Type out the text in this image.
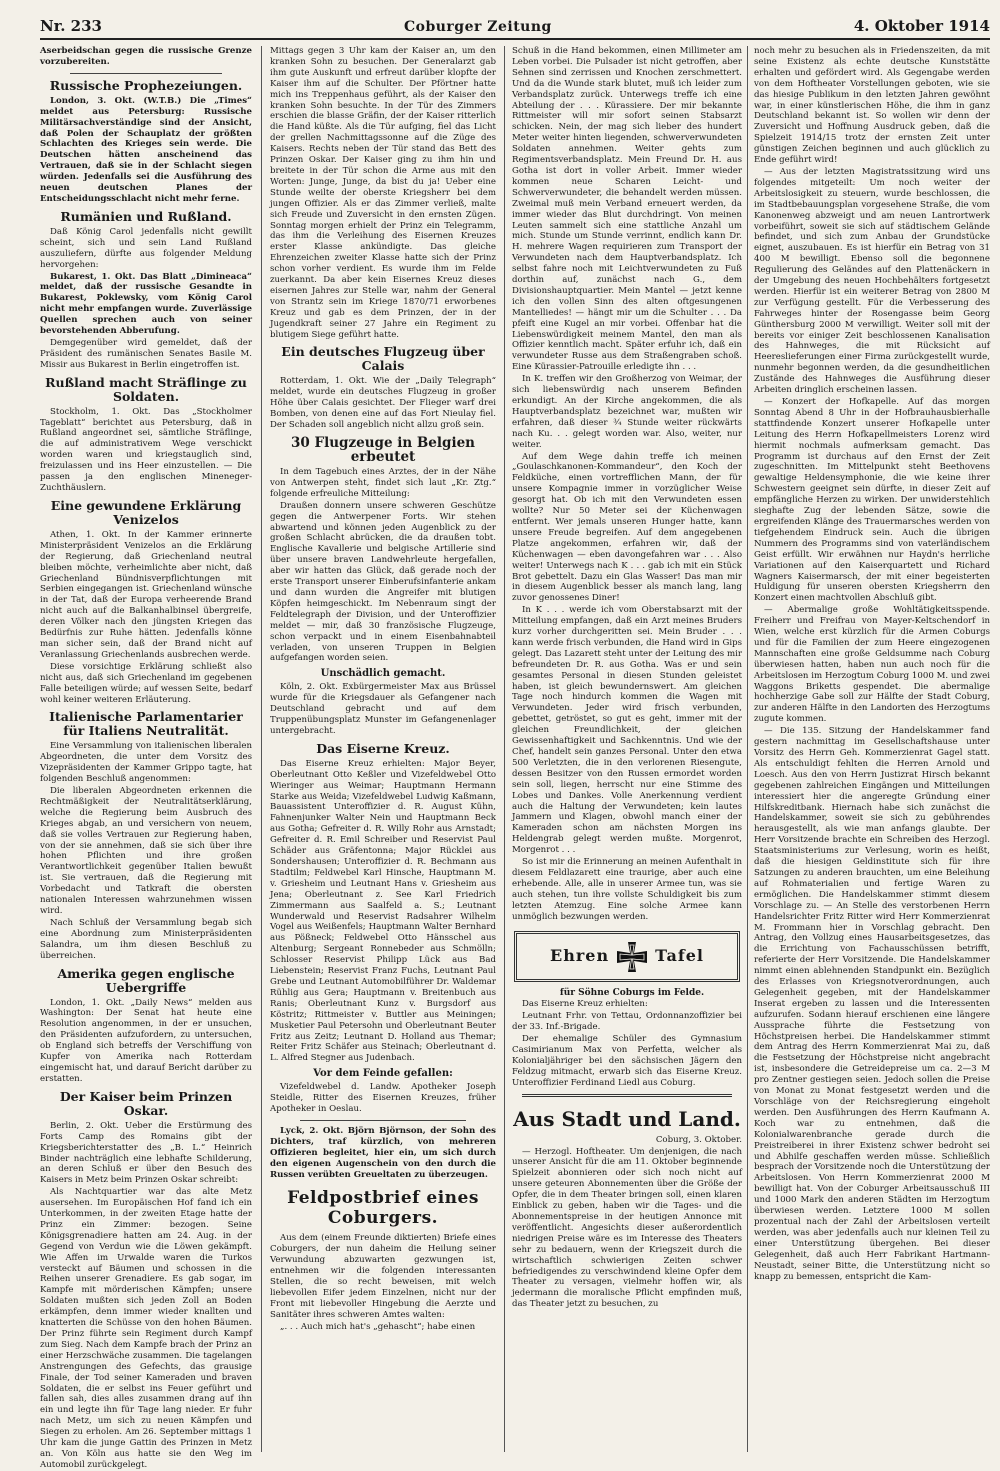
Nr. 233	Coburger Zeitung	4. Oktober 1914

Aserbeidschan gegen die russische Grenze vorzubereiten.

Russische Prophezeiungen.

London, 3. Okt. (W.T.B.) Die „Times“ meldet aus Petersburg: Russische Militärsachverständige sind der Ansicht, daß Polen der Schauplatz der größten Schlachten des Krieges sein werde. Die Deutschen hätten anscheinend das Vertrauen, daß sie in der Schlacht siegen würden. Jedenfalls sei die Ausführung des neuen deutschen Planes der Entscheidungsschlacht nicht mehr ferne.

Rumänien und Rußland.

Daß König Carol jedenfalls nicht gewillt scheint, sich und sein Land Rußland auszuliefern, dürfte aus folgender Meldung hervorgehen:

Bukarest, 1. Okt. Das Blatt „Dimineaca“ meldet, daß der russische Gesandte in Bukarest, Poklewsky, vom König Carol nicht mehr empfangen wurde. Zuverlässige Quellen sprechen auch von seiner bevorstehenden Abberufung.

Demgegenüber wird gemeldet, daß der Präsident des rumänischen Senates Basile M. Missir aus Bukarest in Berlin eingetroffen ist.

Rußland macht Sträflinge zu Soldaten.

Stockholm, 1. Okt. Das „Stockholmer Tageblatt“ berichtet aus Petersburg, daß in Rußland angeordnet sei, sämtliche Sträflinge, die auf administrativem Wege verschickt worden waren und kriegstauglich sind, freizulassen und ins Heer einzustellen. — Die passen ja den englischen Mineneger-Zuchthäuslern.

Eine gewundene Erklärung Venizelos

Athen, 1. Okt. In der Kammer erinnerte Ministerpräsident Venizelos an die Erklärung der Regierung, daß Griechenland neutral bleiben möchte, verheimlichte aber nicht, daß Griechenland Bündnisverpflichtungen mit Serbien eingegangen ist. Griechenland wünsche in der Tat, daß der Europa verheerende Brand nicht auch auf die Balkanhalbinsel übergreife, deren Völker nach den jüngsten Kriegen das Bedürfnis zur Ruhe hätten. Jedenfalls könne man sicher sein, daß der Brand nicht auf Veranlassung Griechenlands ausbrechen werde.

Diese vorsichtige Erklärung schließt also nicht aus, daß sich Griechenland im gegebenen Falle beteiligen würde; auf wessen Seite, bedarf wohl keiner weiteren Erläuterung.

Italienische Parlamentarier für Italiens Neutralität.

Eine Versammlung von italienischen liberalen Abgeordneten, die unter dem Vorsitz des Vizepräsidenten der Kammer Grippo tagte, hat folgenden Beschluß angenommen:

Die liberalen Abgeordneten erkennen die Rechtmäßigkeit der Neutralitätserklärung, welche die Regierung beim Ausbruch des Krieges abgab, an und versichern von neuem, daß sie volles Vertrauen zur Regierung haben, von der sie annehmen, daß sie sich über ihre hohen Pflichten und ihre großen Verantwortlichkeit gegenüber Italien bewußt ist. Sie vertrauen, daß die Regierung mit Vorbedacht und Tatkraft die obersten nationalen Interessen wahrzunehmen wissen wird.

Nach Schluß der Versammlung begab sich eine Abordnung zum Ministerpräsidenten Salandra, um ihm diesen Beschluß zu überreichen.

Amerika gegen englische Uebergriffe

London, 1. Okt. „Daily News“ melden aus Washington: Der Senat hat heute eine Resolution angenommen, in der er unsuchen, den Präsidenten aufzufordern, zu untersuchen, ob England sich betreffs der Verschiffung von Kupfer von Amerika nach Rotterdam eingemischt hat, und darauf Bericht darüber zu erstatten.

Der Kaiser beim Prinzen Oskar.

Berlin, 2. Okt. Ueber die Erstürmung des Forts Camp des Romains gibt der Kriegsberichterstatter des „B. L.“ Heinrich Binder nachträglich eine lebhafte Schilderung, an deren Schluß er über den Besuch des Kaisers in Metz beim Prinzen Oskar schreibt:

Als Nachtquartier war das alte Metz ausersehen. Im Europäischen Hof fand ich ein Unterkommen, in der zweiten Etage hatte der Prinz ein Zimmer: bezogen. Seine Königsgrenadiere hatten am 24. Aug. in der Gegend von Verdun wie die Löwen gekämpft. Wie Affen im Urwalde waren die Turkos versteckt auf Bäumen und schossen in die Reihen unserer Grenadiere. Es gab sogar, im Kampfe mit mörderischen Kämpfen; unsere Soldaten mußten sich jeden Zoll an Boden erkämpfen, denn immer wieder knallten und knatterten die Schüsse von den hohen Bäumen. Der Prinz führte sein Regiment durch Kampf zum Sieg. Nach dem Kampfe brach der Prinz an einer Herzschwäche zusammen. Die tagelangen Anstrengungen des Gefechts, das grausige Finale, der Tod seiner Kameraden und braven Soldaten, die er selbst ins Feuer geführt und fallen sah, dies alles zusammen drang auf ihn ein und legte ihn für Tage lang nieder. Er fuhr nach Metz, um sich zu neuen Kämpfen und Siegen zu erholen. Am 26. September mittags 1 Uhr kam die junge Gattin des Prinzen in Metz an. Von Köln aus hatte sie den Weg im Automobil zurückgelegt.

Mittags gegen 3 Uhr kam der Kaiser an, um den kranken Sohn zu besuchen. Der Generalarzt gab ihm gute Auskunft und erfreut darüber klopfte der Kaiser ihm auf die Schulter. Der Pförtner hatte mich ins Treppenhaus geführt, als der Kaiser den kranken Sohn besuchte. In der Tür des Zimmers erschien die blasse Gräfin, der der Kaiser ritterlich die Hand küßte. Als die Tür aufging, fiel das Licht der grellen Nachmittagssonne auf die Züge des Kaisers. Rechts neben der Tür stand das Bett des Prinzen Oskar. Der Kaiser ging zu ihm hin und breitete in der Tür schon die Arme aus mit den Worten: Junge, Junge, da bist du ja! Ueber eine Stunde weilte der oberste Kriegsherr bei dem jungen Offizier. Als er das Zimmer verließ, malte sich Freude und Zuversicht in den ernsten Zügen. Sonntag morgen erhielt der Prinz ein Telegramm, das ihm die Verleihung des Eisernen Kreuzes erster Klasse ankündigte. Das gleiche Ehrenzeichen zweiter Klasse hatte sich der Prinz schon vorher verdient. Es wurde ihm im Felde zuerkannt. Da aber kein Eisernes Kreuz dieses eisernen Jahres zur Stelle war, nahm der General von Strantz sein im Kriege 1870/71 erworbenes Kreuz und gab es dem Prinzen, der in der Jugendkraft seiner 27 Jahre ein Regiment zu blutigem Siege geführt hatte.

Ein deutsches Flugzeug über Calais

Rotterdam, 1. Okt. Wie der „Daily Telegraph“ meldet, wurde ein deutsches Flugzeug in großer Höhe über Calais gesichtet. Der Flieger warf drei Bomben, von denen eine auf das Fort Nieulay fiel. Der Schaden soll angeblich nicht allzu groß sein.

30 Flugzeuge in Belgien erbeutet

In dem Tagebuch eines Arztes, der in der Nähe von Antwerpen steht, findet sich laut „Kr. Ztg.“ folgende erfreuliche Mitteilung:

Draußen donnern unsere schweren Geschütze gegen die Antwerpener Forts. Wir stehen abwartend und können jeden Augenblick zu der großen Schlacht abrücken, die da draußen tobt. Englische Kavallerie und belgische Artillerie sind über unsere braven Landwehrleute hergefallen, aber wir hatten das Glück, daß gerade noch der erste Transport unserer Einberufsinfanterie ankam und dann wurden die Angreifer mit blutigen Köpfen heimgeschickt. Im Nebenraum singt der Feldtelegraph der Division, und der Unteroffizier meldet — mir, daß 30 französische Flugzeuge, schon verpackt und in einem Eisenbahnabteil verladen, von unseren Truppen in Belgien aufgefangen worden seien.

Unschädlich gemacht.

Köln, 2. Okt. Exbürgermeister Max aus Brüssel wurde für die Kriegsdauer als Gefangener nach Deutschland gebracht und auf dem Truppenübungsplatz Munster im Gefangenenlager untergebracht.

Das Eiserne Kreuz.

Das Eiserne Kreuz erhielten: Major Beyer, Oberleutnant Otto Keßler und Vizefeldwebel Otto Wieringer aus Weimar; Hauptmann Hermann Starke aus Weida; Vizefeldwebel Ludwig Kaßmann, Bauassistent Unteroffizier d. R. August Kühn, Fahnenjunker Walter Nein und Hauptmann Beck aus Gotha; Gefreiter d. R. Willy Rohr aus Arnstadt; Gefreiter d. R. Emil Schreiber und Reservist Paul Schäder aus Gräfentonna; Major Rücklei aus Sondershausen; Unteroffizier d. R. Bechmann aus Stadtilm; Feldwebel Karl Hinsche, Hauptmann M. v. Griesheim und Leutnant Hans v. Griesheim aus Jena; Oberleutnant z. See Karl Friedrich Zimmermann aus Saalfeld a. S.; Leutnant Wunderwald und Reservist Radsahrer Wilhelm Vogel aus Weißenfels; Hauptmann Walter Bernhard aus Pößneck; Feldwebel Otto Hänsschel aus Altenburg; Sergeant Ronnebeder aus Schmölln; Schlosser Reservist Philipp Lück aus Bad Liebenstein; Reservist Franz Fuchs, Leutnant Paul Grebe und Leutnant Automobilführer Dr. Waldemar Rühlig aus Gera; Hauptmann v. Breitenbuch aus Ranis; Oberleutnant Kunz v. Burgsdorf aus Köstritz; Rittmeister v. Buttler aus Meiningen; Musketier Paul Petersohn und Oberleutnant Beuter Fritz aus Zeitz; Leutnant D. Holland aus Themar; Reiter Fritz Schäfer aus Steinach; Oberleutnant d. L. Alfred Stegner aus Judenbach.

Vor dem Feinde gefallen:

Vizefeldwebel d. Landw. Apotheker Joseph Steidle, Ritter des Eisernen Kreuzes, früher Apotheker in Oeslau.

Lyck, 2. Okt. Björn Björnson, der Sohn des Dichters, traf kürzlich, von mehreren Offizieren begleitet, hier ein, um sich durch den eigenen Augenschein von den durch die Russen verübten Greueltaten zu überzeugen.

Feldpostbrief eines Coburgers.

Aus dem (einem Freunde diktierten) Briefe eines Coburgers, der nun daheim die Heilung seiner Verwundung abzuwarten gezwungen ist, entnehmen wir die folgenden interessanten Stellen, die so recht beweisen, mit welch liebevollen Eifer jedem Einzelnen, nicht nur der Front mit liebevoller Hingebung die Aerzte und Sanitäter ihres schweren Amtes walten:

„. . . Auch mich hat's „gehascht“; habe einen

Schuß in die Hand bekommen, einen Millimeter am Leben vorbei. Die Pulsader ist nicht getroffen, aber Sehnen sind zerrissen und Knochen zerschmettert. Und da die Wunde stark blutet, muß ich leider zum Verbandsplatz zurück. Unterwegs treffe ich eine Abteilung der . . . Kürassiere. Der mir bekannte Rittmeister will mir sofort seinen Stabsarzt schicken. Nein, der mag sich lieber des hundert Meter weiter hinten liegenden, schwerverwundeten Soldaten annehmen. Weiter gehts zum Regimentsverbandsplatz. Mein Freund Dr. H. aus Gotha ist dort in voller Arbeit. Immer wieder kommen neue Scharen Leicht- und Schwerverwundeter, die behandelt werden müssen. Zweimal muß mein Verband erneuert werden, da immer wieder das Blut durchdringt. Von meinen Leuten sammelt sich eine stattliche Anzahl um mich. Stunde um Stunde verrinnt, endlich kann Dr. H. mehrere Wagen requirieren zum Transport der Verwundeten nach dem Hauptverbandsplatz. Ich selbst fahre noch mit Leichtverwundeten zu Fuß dorthin auf, zunächst nach G., dem Divisionshauptquartier. Mein Mantel — jetzt kenne ich den vollen Sinn des alten oftgesungenen Mantelliedes! — hängt mir um die Schulter . . . Da pfeift eine Kugel an mir vorbei. Offenbar hat die Liebenswürdigkeit meinem Mantel, den man als Offizier kenntlich macht. Später erfuhr ich, daß ein verwundeter Russe aus dem Straßengraben schoß. Eine Kürassier-Patrouille erledigte ihn . . .

In K. treffen wir den Großherzog von Weimar, der sich liebenswürdig nach unserem Befinden erkundigt. An der Kirche angekommen, die als Hauptverbandsplatz bezeichnet war, mußten wir erfahren, daß dieser ¾ Stunde weiter rückwärts nach Ku. . . gelegt worden war. Also, weiter, nur weiter.

Auf dem Wege dahin treffe ich meinen „Goulaschkanonen-Kommandeur“, den Koch der Feldküche, einen vortrefflichen Mann, der für unsere Kompagnie immer in vorzüglicher Weise gesorgt hat. Ob ich mit den Verwundeten essen wollte? Nur 50 Meter sei der Küchenwagen entfernt. Wer jemals unseren Hunger hatte, kann unsere Freude begreifen. Auf dem angegebenen Platze angekommen, erfahren wir, daß der Küchenwagen — eben davongefahren war . . . Also weiter! Unterwegs nach K . . . gab ich mit ein Stück Brot gebettelt. Dazu ein Glas Wasser! Das man mir in diesem Augenblick besser als manch lang, lang zuvor genossenes Diner!

In K . . . werde ich vom Oberstabsarzt mit der Mitteilung empfangen, daß ein Arzt meines Bruders kurz vorher durchgeritten sei. Mein Bruder . . . kann werde frisch verbunden, die Hand wird in Gips gelegt. Das Lazarett steht unter der Leitung des mir befreundeten Dr. R. aus Gotha. Was er und sein gesamtes Personal in diesen Stunden geleistet haben, ist gleich bewundernswert. Am gleichen Tage noch hindurch kommen die Wagen mit Verwundeten. Jeder wird frisch verbunden, gebettet, getröstet, so gut es geht, immer mit der gleichen Freundlichkeit, der gleichen Gewissenhaftigkeit und Sachkenntnis. Und wie der Chef, handelt sein ganzes Personal. Unter den etwa 500 Verletzten, die in den verlorenen Riesengute, dessen Besitzer von den Russen ermordet worden sein soll, liegen, herrscht nur eine Stimme des Lobes und Dankes. Volle Anerkennung verdient auch die Haltung der Verwundeten; kein lautes Jammern und Klagen, obwohl manch einer der Kameraden schon am nächsten Morgen ins Heldengrab gelegt werden mußte. Morgenrot, Morgenrot . . .

So ist mir die Erinnerung an meinen Aufenthalt in diesem Feldlazarett eine traurige, aber auch eine erhebende. Alle, alle in unserer Armee tun, was sie auch stehen, tun ihre vollste Schuldigkeit bis zum letzten Atemzug. Eine solche Armee kann unmöglich bezwungen werden.

Ehren	Tafel

für Söhne Coburgs im Felde.

Das Eiserne Kreuz erhielten:

Leutnant Frhr. von Tettau, Ordonnanzoffizier bei der 33. Inf.-Brigade.

Der ehemalige Schüler des Gymnasium Casimirianum Max von Perfetta, welcher als Kolonialjähriger bei den sächsischen Jägern den Feldzug mitmacht, erwarb sich das Eiserne Kreuz. Unteroffizier Ferdinand Liedl aus Coburg.

Aus Stadt und Land.

Coburg, 3. Oktober.

— Herzogl. Hoftheater. Um denjenigen, die nach unserer Ansicht für die am 11. Oktober beginnende Spielzeit abonnieren oder sich noch nicht auf unsere geteuren Abonnementen über die Größe der Opfer, die in dem Theater bringen soll, einen klaren Einblick zu geben, haben wir die Tages- und die Abonnementspreise in der heutigen Annonce mit veröffentlicht. Angesichts dieser außerordentlich niedrigen Preise wäre es im Interesse des Theaters sehr zu bedauern, wenn der Kriegszeit durch die wirtschaftlich schwierigen Zeiten schwer befriedigendes zu verschwindend kleine Opfer dem Theater zu versagen, vielmehr hoffen wir, als jedermann die moralische Pflicht empfinden muß, das Theater jetzt zu besuchen, zu

noch mehr zu besuchen als in Friedenszeiten, da mit seine Existenz als echte deutsche Kunststätte erhalten und gefördert wird. Als Gegengabe werden von dem Hoftheater Vorstellungen geboten, wie sie das hiesige Publikum in den letzten Jahren gewöhnt war, in einer künstlerischen Höhe, die ihm in ganz Deutschland bekannt ist. So wollen wir denn der Zuversicht und Hoffnung Ausdruck geben, daß die Spielzeit 1914/15 trotz der ernsten Zeit unter günstigen Zeichen beginnen und auch glücklich zu Ende geführt wird!

— Aus der letzten Magistratssitzung wird uns folgendes mitgeteilt: Um noch weiter der Arbeitslosigkeit zu steuern, wurde beschlossen, die im Stadtbebauungsplan vorgesehene Straße, die vom Kanonenweg abzweigt und am neuen Lantrortwerk vorbeiführt, soweit sie sich auf städtischem Gelände befindet, und sich zum Anbau der Grundstücke eignet, auszubauen. Es ist hierfür ein Betrag von 31 400 M bewilligt. Ebenso soll die begonnene Regulierung des Geländes auf den Plattenäckern in der Umgebung des neuen Hochbehälters fortgesetzt werden. Hierfür ist ein weiterer Betrag von 2800 M zur Verfügung gestellt. Für die Verbesserung des Fahrweges hinter der Rosengasse beim Georg Günthersburg 2000 M verwilligt. Weiter soll mit der bereits vor einiger Zeit beschlossenen Kanalisation des Hahnweges, die mit Rücksicht auf Heereslieferungen einer Firma zurückgestellt wurde, nunmehr begonnen werden, da die gesundheitlichen Zustände des Hahnweges die Ausführung dieser Arbeiten dringlich erscheinen lassen.

— Konzert der Hofkapelle. Auf das morgen Sonntag Abend 8 Uhr in der Hofbrauhausbierhalle stattfindende Konzert unserer Hofkapelle unter Leitung des Herrn Hofkapellmeisters Lorenz wird hiermit nochmals aufmerksam gemacht. Das Programm ist durchaus auf den Ernst der Zeit zugeschnitten. Im Mittelpunkt steht Beethovens gewaltige Heldensymphonie, die wie keine ihrer Schwestern geeignet sein dürfte, in dieser Zeit auf empfängliche Herzen zu wirken. Der unwiderstehlich sieghafte Zug der lebenden Sätze, sowie die ergreifenden Klänge des Trauermarsches werden von tiefgehendem Eindruck sein. Auch die übrigen Nummern des Programms sind von vaterländischem Geist erfüllt. Wir erwähnen nur Haydn's herrliche Variationen auf den Kaiserquartett und Richard Wagners Kaisermarsch, der mit einer begeisterten Huldigung für unseren obersten Kriegsherrn den Konzert einen machtvollen Abschluß gibt.

— Abermalige große Wohltätigkeitsspende. Freiherr und Freifrau von Mayer-Keltschendorf in Wien, welche erst kürzlich für die Armen Coburgs und für die Familien der zum Heere eingezogenen Mannschaften eine große Geldsumme nach Coburg überwiesen hatten, haben nun auch noch für die Arbeitslosen im Herzogtum Coburg 1000 M. und zwei Waggons Briketts gespendet. Die abermalige hochherzige Gabe soll zur Hälfte der Stadt Coburg, zur anderen Hälfte in den Landorten des Herzogtums zugute kommen.

— Die 135. Sitzung der Handelskammer fand gestern nachmittag im Gesellschaftshause unter Vorsitz des Herrn Geh. Kommerzienrat Gagel statt. Als entschuldigt fehlten die Herren Arnold und Loesch. Aus den von Herrn Justizrat Hirsch bekannt gegebenen zahlreichen Eingängen und Mitteilungen interessiert hier die angeregte Gründung einer Hilfskreditbank. Hiernach habe sich zunächst die Handelskammer, soweit sie sich zu gebührendes herausgestellt, als wie man anfangs glaubte. Der Herr Vorsitzende brachte ein Schreiben des Herzogl. Staatsministeriums zur Verlesung, worin es heißt, daß die hiesigen Geldinstitute sich für ihre Satzungen zu anderen brauchten, um eine Beleihung auf Rohmaterialien und fertige Waren zu ermöglichen. Die Handelskammer stimmt diesem Vorschlage zu. — An Stelle des verstorbenen Herrn Handelsrichter Fritz Ritter wird Herr Kommerzienrat M. Frommann hier in Vorschlag gebracht. Den Antrag, den Vollzug eines Hausarbeitsgesetzes, das die Errichtung von Fachausschüssen betrifft, referierte der Herr Vorsitzende. Die Handelskammer nimmt einen ablehnenden Standpunkt ein. Bezüglich des Erlasses von Kriegsnotverordnungen, auch Gelegenheit gegeben, mit der Handelskammer Inserat ergeben zu lassen und die Interessenten aufzurufen. Sodann hierauf erschienen eine längere Aussprache führte die Festsetzung von Höchstpreisen herbei. Die Handelskammer stimmt dem Antrag des Herrn Kommerzienrat Mai zu, daß die Festsetzung der Höchstpreise nicht angebracht ist, insbesondere die Getreidepreise um ca. 2—3 M pro Zentner gestiegen seien. Jedoch sollen die Preise von Monat zu Monat festgesetzt werden und die Vorschläge von der Reichsregierung eingeholt werden. Den Ausführungen des Herrn Kaufmann A. Koch war zu entnehmen, daß die Kolonialwarenbranche gerade durch die Preistreiberei in ihrer Existenz schwer bedroht sei und Abhilfe geschaffen werden müsse. Schließlich besprach der Vorsitzende noch die Unterstützung der Arbeitslosen. Von Herrn Kommerzienrat 2000 M bewilligt hat. Von der Coburger Arbeitsausschuß III und 1000 Mark den anderen Städten im Herzogtum überwiesen werden. Letztere 1000 M sollen prozentual nach der Zahl der Arbeitslosen verteilt werden, was aber jedenfalls auch nur kleinen Teil zu einer Unterstützung übergehen. Bei dieser Gelegenheit, daß auch Herr Fabrikant Hartmann-Neustadt, seiner Bitte, die Unterstützung nicht so knapp zu bemessen, entspricht die Kam-
